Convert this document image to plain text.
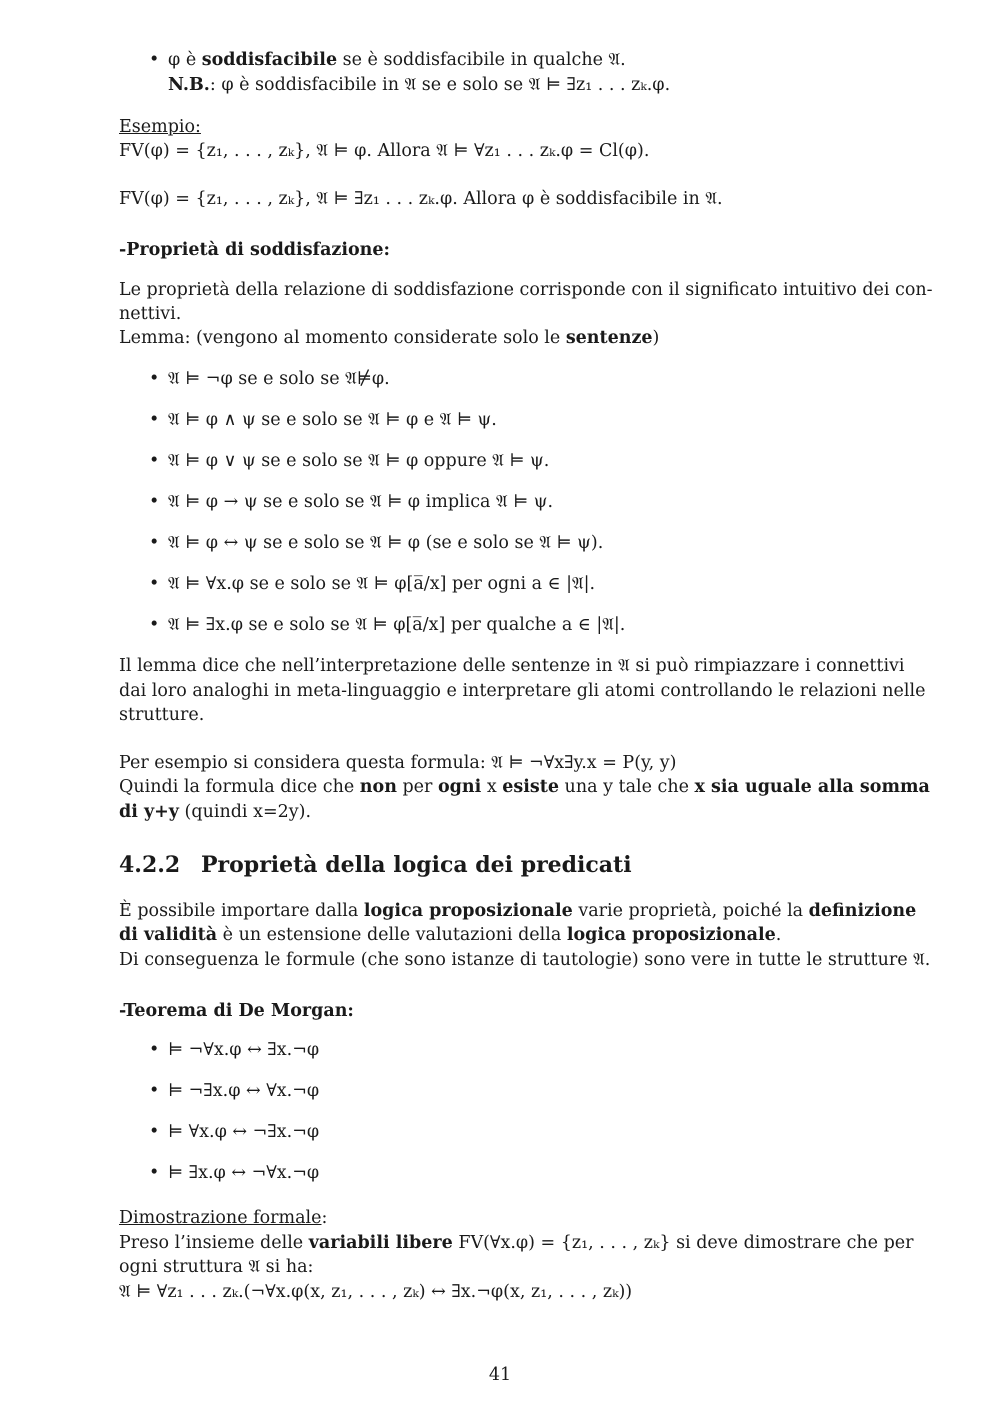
• φ è soddisfacibile se è soddisfacibile in qualche 𝔄.
N.B.: φ è soddisfacibile in 𝔄 se e solo se 𝔄 ⊨ ∃z₁ . . . zₖ.φ.
Esempio:
FV(φ) = {z₁, . . . , zₖ}, 𝔄 ⊨ φ. Allora 𝔄 ⊨ ∀z₁ . . . zₖ.φ = Cl(φ).
FV(φ) = {z₁, . . . , zₖ}, 𝔄 ⊨ ∃z₁ . . . zₖ.φ. Allora φ è soddisfacibile in 𝔄.
-Proprietà di soddisfazione:
Le proprietà della relazione di soddisfazione corrisponde con il significato intuitivo dei con-
nettivi.
Lemma: (vengono al momento considerate solo le sentenze)
• 𝔄 ⊨ ¬φ se e solo se 𝔄⊭φ.
• 𝔄 ⊨ φ ∧ ψ se e solo se 𝔄 ⊨ φ e 𝔄 ⊨ ψ.
• 𝔄 ⊨ φ ∨ ψ se e solo se 𝔄 ⊨ φ oppure 𝔄 ⊨ ψ.
• 𝔄 ⊨ φ → ψ se e solo se 𝔄 ⊨ φ implica 𝔄 ⊨ ψ.
• 𝔄 ⊨ φ ↔ ψ se e solo se 𝔄 ⊨ φ (se e solo se 𝔄 ⊨ ψ).
• 𝔄 ⊨ ∀x.φ se e solo se 𝔄 ⊨ φ[a̅/x] per ogni a ∈ |𝔄|.
• 𝔄 ⊨ ∃x.φ se e solo se 𝔄 ⊨ φ[a̅/x] per qualche a ∈ |𝔄|.
Il lemma dice che nell’interpretazione delle sentenze in 𝔄 si può rimpiazzare i connettivi
dai loro analoghi in meta-linguaggio e interpretare gli atomi controllando le relazioni nelle
strutture.
Per esempio si considera questa formula: 𝔄 ⊨ ¬∀x∃y.x = P(y, y)
Quindi la formula dice che non per ogni x esiste una y tale che x sia uguale alla somma
di y+y (quindi x=2y).
4.2.2 Proprietà della logica dei predicati
È possibile importare dalla logica proposizionale varie proprietà, poiché la definizione
di validità è un estensione delle valutazioni della logica proposizionale.
Di conseguenza le formule (che sono istanze di tautologie) sono vere in tutte le strutture 𝔄.
-Teorema di De Morgan:
• ⊨ ¬∀x.φ ↔ ∃x.¬φ
• ⊨ ¬∃x.φ ↔ ∀x.¬φ
• ⊨ ∀x.φ ↔ ¬∃x.¬φ
• ⊨ ∃x.φ ↔ ¬∀x.¬φ
Dimostrazione formale:
Preso l’insieme delle variabili libere FV(∀x.φ) = {z₁, . . . , zₖ} si deve dimostrare che per
ogni struttura 𝔄 si ha:
𝔄 ⊨ ∀z₁ . . . zₖ.(¬∀x.φ(x, z₁, . . . , zₖ) ↔ ∃x.¬φ(x, z₁, . . . , zₖ))
41
